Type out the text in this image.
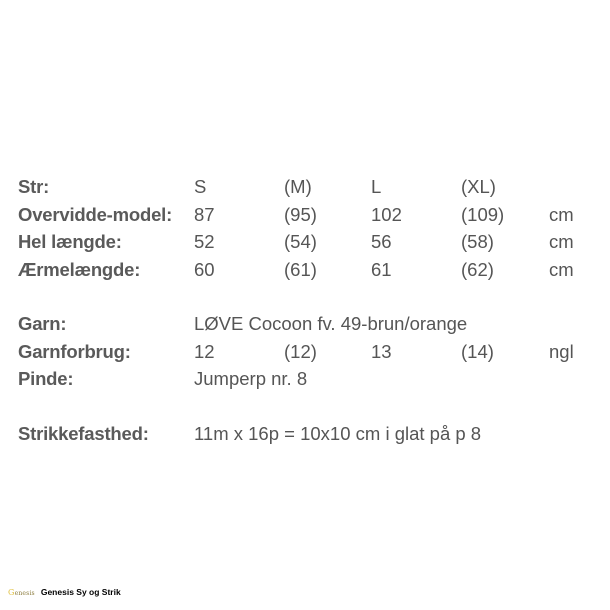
Str:	S	(M)	L	(XL)
Overvidde-model: 87	(95)	102	(109) cm
Hel længde:	52	(54)	56	(58)	cm
Ærmelængde:	60	(61)	61	(62)	cm
Garn:	LØVE Cocoon fv. 49-brun/orange
Garnforbrug:	12	(12)	13	(14)	ngl
Pinde:	Jumperp nr. 8
Strikkefasthed: 11m x 16p = 10x10 cm i glat på p 8
Genesis Genesis Sy og Strik
